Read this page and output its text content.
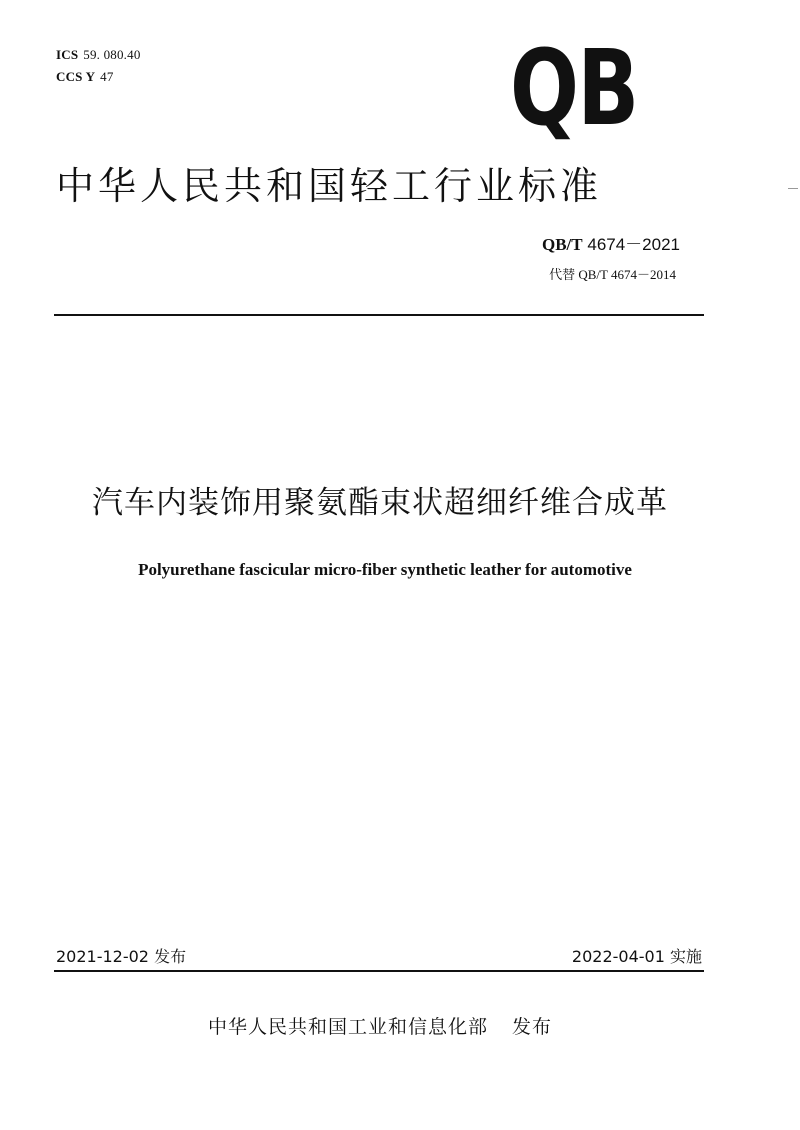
ICS 59. 080.40
CCS Y 47	QB
中华人民共和国轻工行业标准
QB/T 4674－2021
代替 QB/T 4674－2014
汽车内装饰用聚氨酯束状超细纤维合成革
Polyurethane fascicular micro-fiber synthetic leather for automotive
2021-12-02 发布	2022-04-01 实施
中华人民共和国工业和信息化部 发布
